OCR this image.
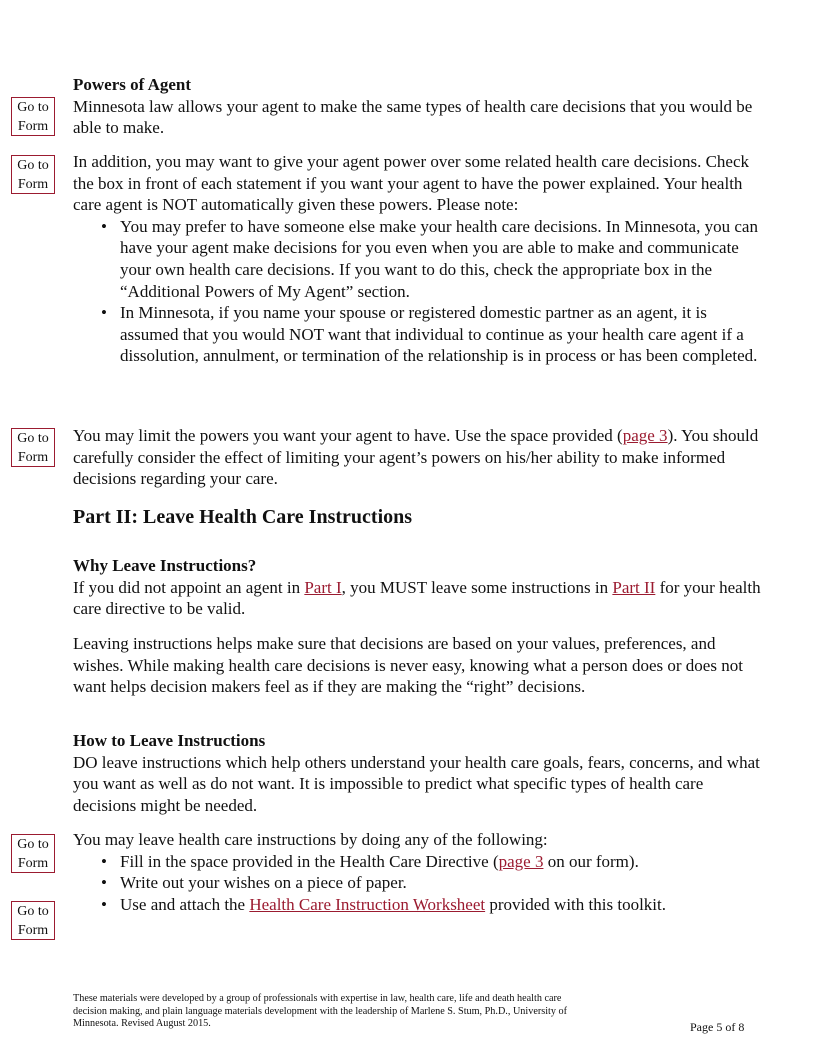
Go to
Form
Go to
Form
Go to
Form
Go to
Form
Go to
Form
Powers of Agent
Minnesota law allows your agent to make the same types of health care decisions that you would be able to make.
In addition, you may want to give your agent power over some related health care decisions. Check the box in front of each statement if you want your agent to have the power explained. Your health care agent is NOT automatically given these powers. Please note:
• You may prefer to have someone else make your health care decisions. In Minnesota, you can have your agent make decisions for you even when you are able to make and communicate your own health care decisions. If you want to do this, check the appropriate box in the “Additional Powers of My Agent” section.
• In Minnesota, if you name your spouse or registered domestic partner as an agent, it is assumed that you would NOT want that individual to continue as your health care agent if a dissolution, annulment, or termination of the relationship is in process or has been completed.
You may limit the powers you want your agent to have. Use the space provided (page 3). You should carefully consider the effect of limiting your agent’s powers on his/her ability to make informed decisions regarding your care.
Part II: Leave Health Care Instructions
Why Leave Instructions?
If you did not appoint an agent in Part I, you MUST leave some instructions in Part II for your health care directive to be valid.
Leaving instructions helps make sure that decisions are based on your values, preferences, and wishes. While making health care decisions is never easy, knowing what a person does or does not want helps decision makers feel as if they are making the “right” decisions.
How to Leave Instructions
DO leave instructions which help others understand your health care goals, fears, concerns, and what you want as well as do not want. It is impossible to predict what specific types of health care decisions might be needed.
You may leave health care instructions by doing any of the following:
• Fill in the space provided in the Health Care Directive (page 3 on our form).
• Write out your wishes on a piece of paper.
• Use and attach the Health Care Instruction Worksheet provided with this toolkit.
These materials were developed by a group of professionals with expertise in law, health care, life and death health care decision making, and plain language materials development with the leadership of Marlene S. Stum, Ph.D., University of Minnesota. Revised August 2015.	Page 5 of 8
